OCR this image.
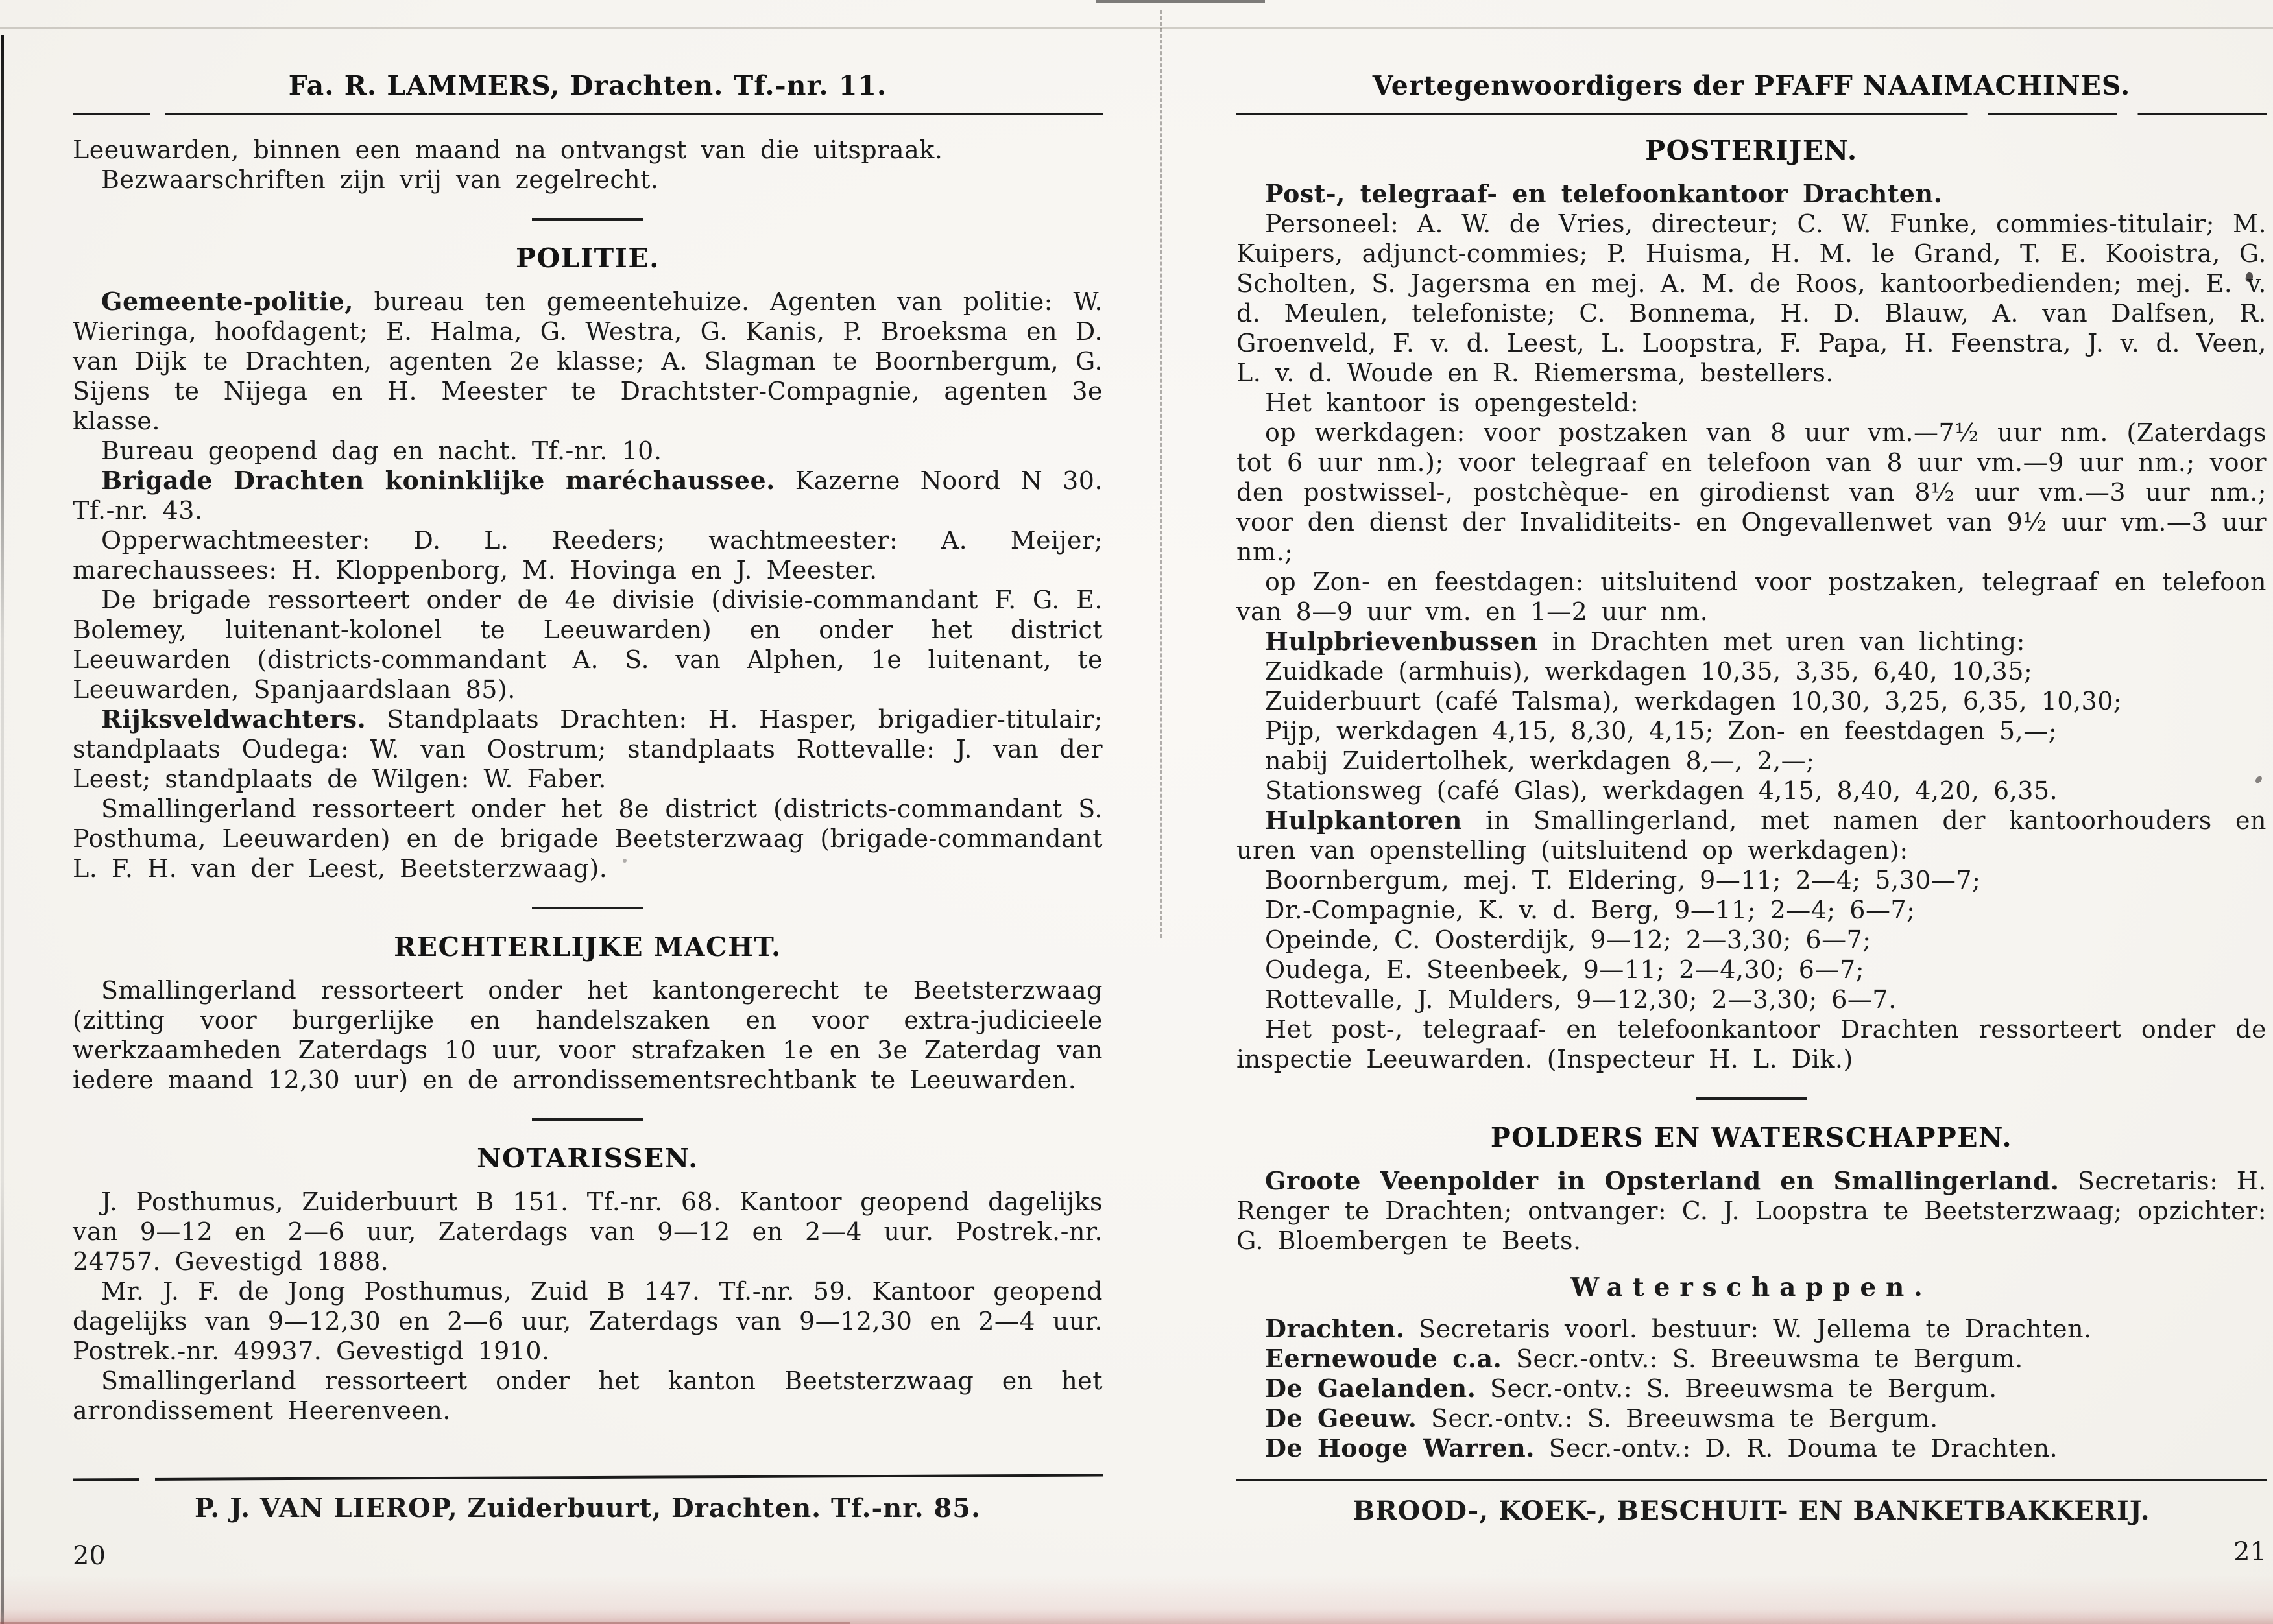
Fa. R. LAMMERS, Drachten. Tf.-nr. 11.

Leeuwarden, binnen een maand na ontvangst van die uitspraak.

Bezwaarschriften zijn vrij van zegelrecht.

POLITIE.

Gemeente-politie, bureau ten gemeentehuize. Agenten van politie: W. Wieringa, hoofdagent; E. Halma, G. Westra, G. Kanis, P. Broeksma en D. van Dijk te Drachten, agenten 2e klasse; A. Slagman te Boornbergum, G. Sijens te Nijega en H. Meester te Drachtster-Compagnie, agenten 3e klasse.

Bureau geopend dag en nacht. Tf.-nr. 10.

Brigade Drachten koninklijke maréchaussee. Kazerne Noord N 30. Tf.-nr. 43.

Opperwachtmeester: D. L. Reeders; wachtmeester: A. Meijer; marechaussees: H. Kloppenborg, M. Hovinga en J. Meester.

De brigade ressorteert onder de 4e divisie (divisie-commandant F. G. E. Bolemey, luitenant-kolonel te Leeuwarden) en onder het district Leeuwarden (districts-commandant A. S. van Alphen, 1e luitenant, te Leeuwarden, Spanjaardslaan 85).

Rijksveldwachters. Standplaats Drachten: H. Hasper, brigadier-titulair; standplaats Oudega: W. van Oostrum; standplaats Rottevalle: J. van der Leest; standplaats de Wilgen: W. Faber.

Smallingerland ressorteert onder het 8e district (districts-commandant S. Posthuma, Leeuwarden) en de brigade Beetsterzwaag (brigade-commandant L. F. H. van der Leest, Beetsterzwaag).

RECHTERLIJKE MACHT.

Smallingerland ressorteert onder het kantongerecht te Beetsterzwaag (zitting voor burgerlijke en handelszaken en voor extra-judicieele werkzaamheden Zaterdags 10 uur, voor strafzaken 1e en 3e Zaterdag van iedere maand 12,30 uur) en de arrondissementsrechtbank te Leeuwarden.

NOTARISSEN.

J. Posthumus, Zuiderbuurt B 151. Tf.-nr. 68. Kantoor geopend dagelijks van 9—12 en 2—6 uur, Zaterdags van 9—12 en 2—4 uur. Postrek.-nr. 24757. Gevestigd 1888.

Mr. J. F. de Jong Posthumus, Zuid B 147. Tf.-nr. 59. Kantoor geopend dagelijks van 9—12,30 en 2—6 uur, Zaterdags van 9—12,30 en 2—4 uur. Postrek.-nr. 49937. Gevestigd 1910.

Smallingerland ressorteert onder het kanton Beetsterzwaag en het arrondissement Heerenveen.

P. J. VAN LIEROP, Zuiderbuurt, Drachten. Tf.-nr. 85.
20
Vertegenwoordigers der PFAFF NAAIMACHINES.
POSTERIJEN.

Post-, telegraaf- en telefoonkantoor Drachten.

Personeel: A. W. de Vries, directeur; C. W. Funke, commies-titulair; M. Kuipers, adjunct-commies; P. Huisma, H. M. le Grand, T. E. Kooistra, G. Scholten, S. Jagersma en mej. A. M. de Roos, kantoorbedienden; mej. E. v. d. Meulen, telefoniste; C. Bonnema, H. D. Blauw, A. van Dalfsen, R. Groenveld, F. v. d. Leest, L. Loopstra, F. Papa, H. Feenstra, J. v. d. Veen, L. v. d. Woude en R. Riemersma, bestellers.

Het kantoor is opengesteld:

op werkdagen: voor postzaken van 8 uur vm.—7½ uur nm. (Zaterdags tot 6 uur nm.); voor telegraaf en telefoon van 8 uur vm.—9 uur nm.; voor den postwissel-, postchèque- en girodienst van 8½ uur vm.—3 uur nm.; voor den dienst der Invaliditeits- en Ongevallenwet van 9½ uur vm.—3 uur nm.;

op Zon- en feestdagen: uitsluitend voor postzaken, telegraaf en telefoon van 8—9 uur vm. en 1—2 uur nm.

Hulpbrievenbussen in Drachten met uren van lichting:

Zuidkade (armhuis), werkdagen 10,35, 3,35, 6,40, 10,35;

Zuiderbuurt (café Talsma), werkdagen 10,30, 3,25, 6,35, 10,30;

Pijp, werkdagen 4,15, 8,30, 4,15; Zon- en feestdagen 5,—;

nabij Zuidertolhek, werkdagen 8,—, 2,—;

Stationsweg (café Glas), werkdagen 4,15, 8,40, 4,20, 6,35.

Hulpkantoren in Smallingerland, met namen der kantoorhouders en uren van openstelling (uitsluitend op werkdagen):

Boornbergum, mej. T. Eldering, 9—11; 2—4; 5,30—7;

Dr.-Compagnie, K. v. d. Berg, 9—11; 2—4; 6—7;

Opeinde, C. Oosterdijk, 9—12; 2—3,30; 6—7;

Oudega, E. Steenbeek, 9—11; 2—4,30; 6—7;

Rottevalle, J. Mulders, 9—12,30; 2—3,30; 6—7.

Het post-, telegraaf- en telefoonkantoor Drachten ressorteert onder de inspectie Leeuwarden. (Inspecteur H. L. Dik.)

POLDERS EN WATERSCHAPPEN.

Groote Veenpolder in Opsterland en Smallingerland. Secretaris: H. Renger te Drachten; ontvanger: C. J. Loopstra te Beetsterzwaag; opzichter: G. Bloembergen te Beets.

Waterschappen.

Drachten. Secretaris voorl. bestuur: W. Jellema te Drachten.

Eernewoude c.a. Secr.-ontv.: S. Breeuwsma te Bergum.

De Gaelanden. Secr.-ontv.: S. Breeuwsma te Bergum.

De Geeuw. Secr.-ontv.: S. Breeuwsma te Bergum.

De Hooge Warren. Secr.-ontv.: D. R. Douma te Drachten.

BROOD-, KOEK-, BESCHUIT- EN BANKETBAKKERIJ.
21
